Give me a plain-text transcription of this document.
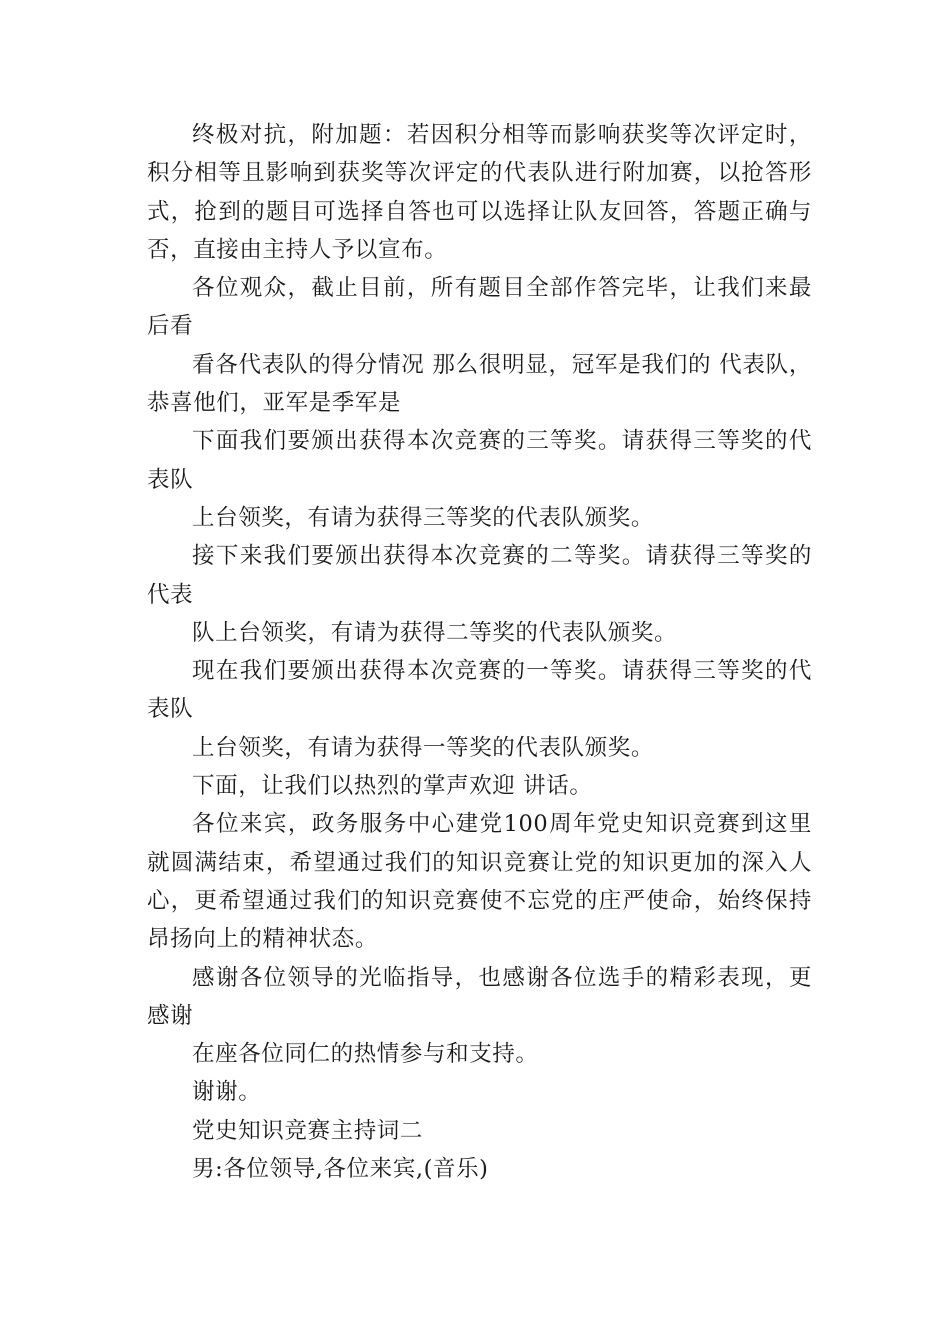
终极对抗，附加题：若因积分相等而影响获奖等次评定时，积分相等且影响到获奖等次评定的代表队进行附加赛，以抢答形式，抢到的题目可选择自答也可以选择让队友回答，答题正确与否，直接由主持人予以宣布。

各位观众，截止目前，所有题目全部作答完毕，让我们来最后看

看各代表队的得分情况 那么很明显，冠军是我们的 代表队，恭喜他们，亚军是季军是

下面我们要颁出获得本次竞赛的三等奖。请获得三等奖的代表队

上台领奖，有请为获得三等奖的代表队颁奖。

接下来我们要颁出获得本次竞赛的二等奖。请获得三等奖的代表

队上台领奖，有请为获得二等奖的代表队颁奖。

现在我们要颁出获得本次竞赛的一等奖。请获得三等奖的代表队

上台领奖，有请为获得一等奖的代表队颁奖。

下面，让我们以热烈的掌声欢迎 讲话。

各位来宾，政务服务中心建党100周年党史知识竞赛到这里就圆满结束，希望通过我们的知识竞赛让党的知识更加的深入人心，更希望通过我们的知识竞赛使不忘党的庄严使命，始终保持昂扬向上的精神状态。

感谢各位领导的光临指导，也感谢各位选手的精彩表现，更感谢

在座各位同仁的热情参与和支持。

谢谢。

党史知识竞赛主持词二

男:各位领导,各位来宾,(音乐)
